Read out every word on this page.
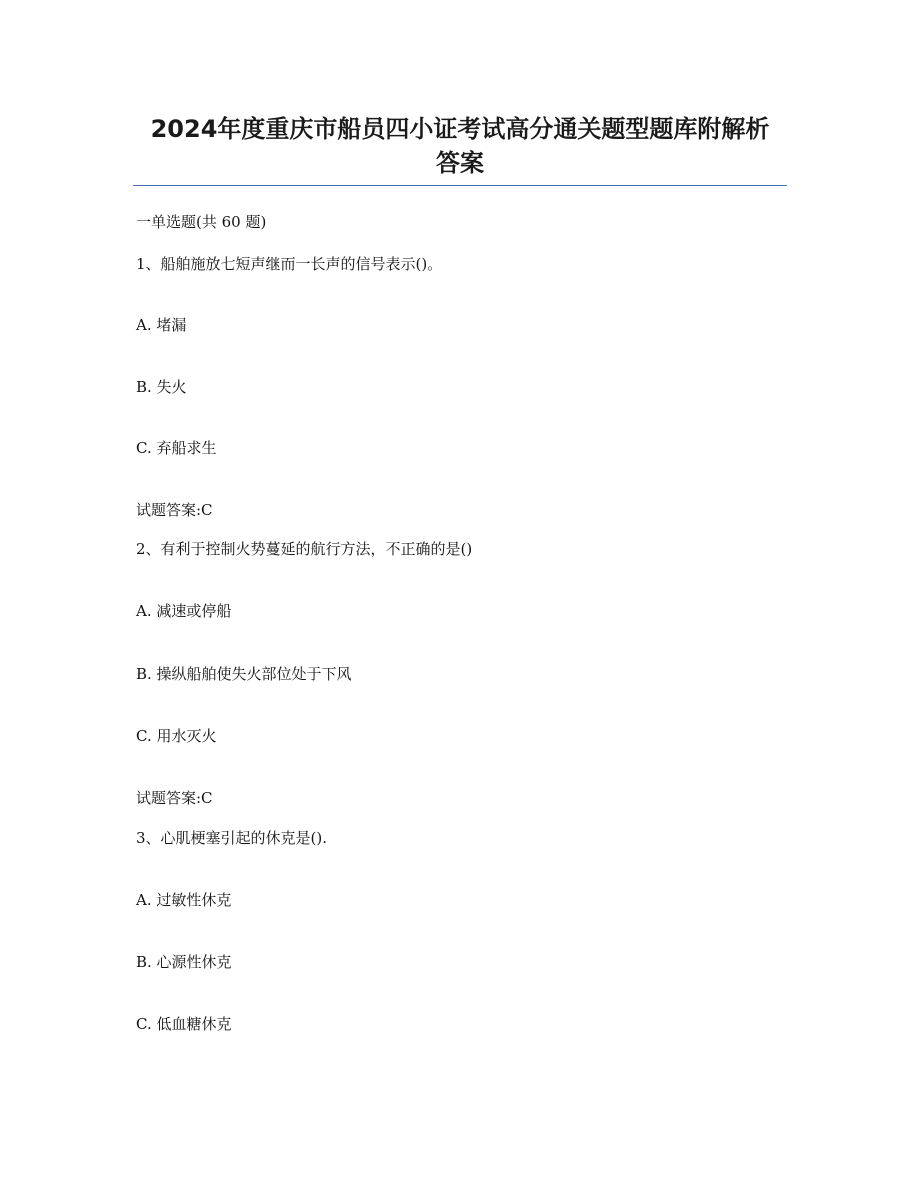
2024年度重庆市船员四小证考试高分通关题型题库附解析
答案
一单选题(共 60 题)
1、船舶施放七短声继而一长声的信号表示()。
A. 堵漏
B. 失火
C. 弃船求生
试题答案:C
2、有利于控制火势蔓延的航行方法，不正确的是()
A. 减速或停船
B. 操纵船舶使失火部位处于下风
C. 用水灭火
试题答案:C
3、心肌梗塞引起的休克是().
A. 过敏性休克
B. 心源性休克
C. 低血糖休克
